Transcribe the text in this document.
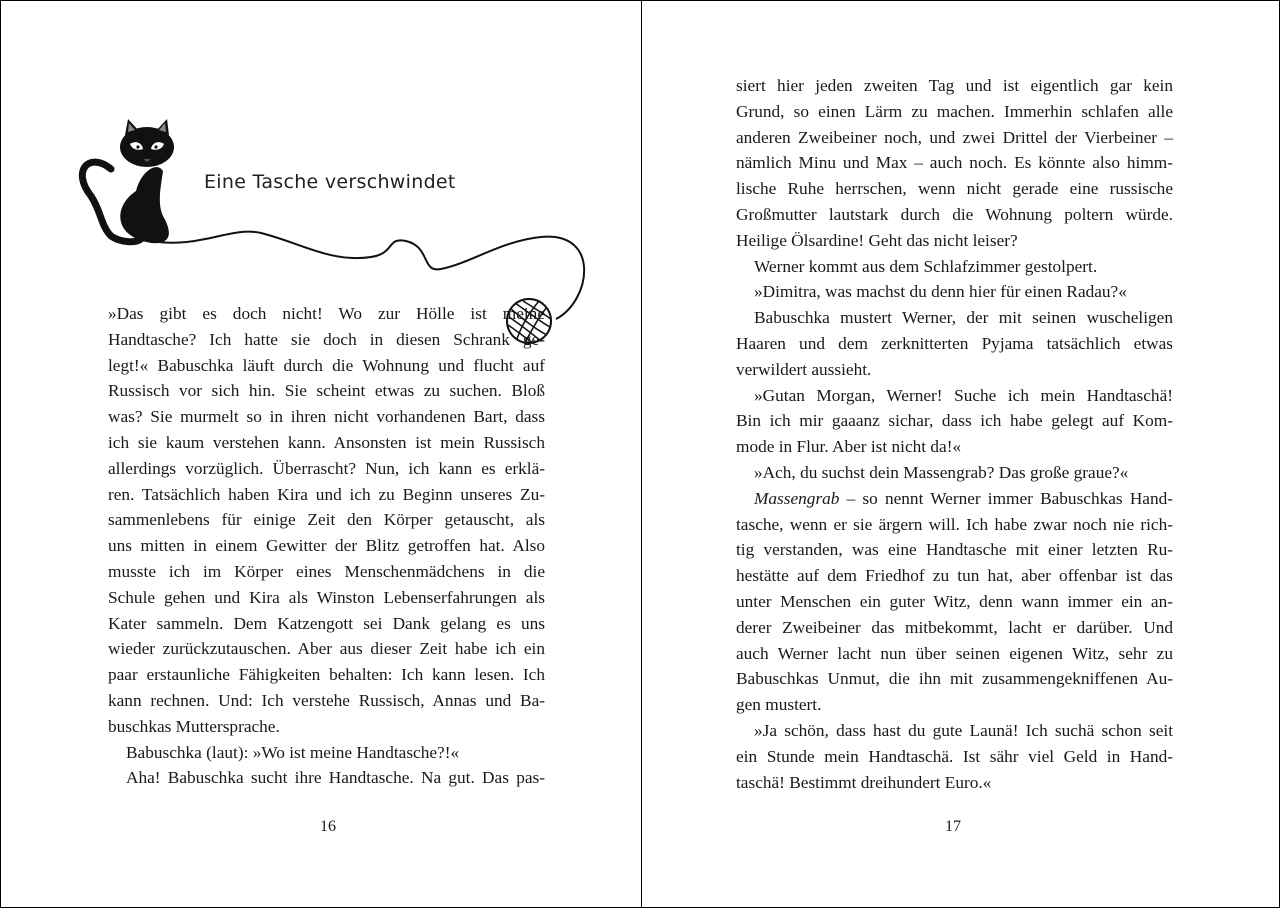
Eine Tasche verschwindet
»Das gibt es doch nicht! Wo zur Hölle ist meine
Handtasche? Ich hatte sie doch in diesen Schrank ge-
legt!« Babuschka läuft durch die Wohnung und flucht auf
Russisch vor sich hin. Sie scheint etwas zu suchen. Bloß
was? Sie murmelt so in ihren nicht vorhandenen Bart, dass
ich sie kaum verstehen kann. Ansonsten ist mein Russisch
allerdings vorzüglich. Überrascht? Nun, ich kann es erklä-
ren. Tatsächlich haben Kira und ich zu Beginn unseres Zu-
sammenlebens für einige Zeit den Körper getauscht, als
uns mitten in einem Gewitter der Blitz getroffen hat. Also
musste ich im Körper eines Menschenmädchens in die
Schule gehen und Kira als Winston Lebenserfahrungen als
Kater sammeln. Dem Katzengott sei Dank gelang es uns
wieder zurückzutauschen. Aber aus dieser Zeit habe ich ein
paar erstaunliche Fähigkeiten behalten: Ich kann lesen. Ich
kann rechnen. Und: Ich verstehe Russisch, Annas und Ba-
buschkas Muttersprache.
Babuschka (laut): »Wo ist meine Handtasche?!«
Aha! Babuschka sucht ihre Handtasche. Na gut. Das pas-
16
siert hier jeden zweiten Tag und ist eigentlich gar kein
Grund, so einen Lärm zu machen. Immerhin schlafen alle
anderen Zweibeiner noch, und zwei Drittel der Vierbeiner –
nämlich Minu und Max – auch noch. Es könnte also himm-
lische Ruhe herrschen, wenn nicht gerade eine russische
Großmutter lautstark durch die Wohnung poltern würde.
Heilige Ölsardine! Geht das nicht leiser?
Werner kommt aus dem Schlafzimmer gestolpert.
»Dimitra, was machst du denn hier für einen Radau?«
Babuschka mustert Werner, der mit seinen wuscheligen
Haaren und dem zerknitterten Pyjama tatsächlich etwas
verwildert aussieht.
»Gutan Morgan, Werner! Suche ich mein Handtaschä!
Bin ich mir gaaanz sichar, dass ich habe gelegt auf Kom-
mode in Flur. Aber ist nicht da!«
»Ach, du suchst dein Massengrab? Das große graue?«
Massengrab – so nennt Werner immer Babuschkas Hand-
tasche, wenn er sie ärgern will. Ich habe zwar noch nie rich-
tig verstanden, was eine Handtasche mit einer letzten Ru-
hestätte auf dem Friedhof zu tun hat, aber offenbar ist das
unter Menschen ein guter Witz, denn wann immer ein an-
derer Zweibeiner das mitbekommt, lacht er darüber. Und
auch Werner lacht nun über seinen eigenen Witz, sehr zu
Babuschkas Unmut, die ihn mit zusammengekniffenen Au-
gen mustert.
»Ja schön, dass hast du gute Launä! Ich suchä schon seit
ein Stunde mein Handtaschä. Ist sähr viel Geld in Hand-
taschä! Bestimmt dreihundert Euro.«
17
